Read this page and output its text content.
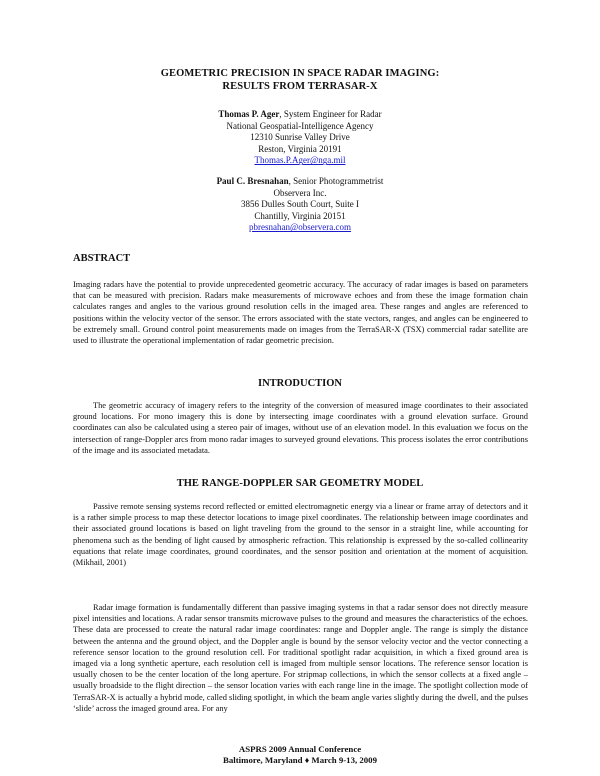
GEOMETRIC PRECISION IN SPACE RADAR IMAGING:
RESULTS FROM TERRASAR-X
Thomas P. Ager, System Engineer for Radar
National Geospatial-Intelligence Agency
12310 Sunrise Valley Drive
Reston, Virginia 20191
Thomas.P.Ager@nga.mil
Paul C. Bresnahan, Senior Photogrammetrist
Observera Inc.
3856 Dulles South Court, Suite I
Chantilly, Virginia 20151
pbresnahan@observera.com
ABSTRACT

Imaging radars have the potential to provide unprecedented geometric accuracy. The accuracy of radar images is based on parameters that can be measured with precision. Radars make measurements of microwave echoes and from these the image formation chain calculates ranges and angles to the various ground resolution cells in the imaged area. These ranges and angles are referenced to positions within the velocity vector of the sensor. The errors associated with the state vectors, ranges, and angles can be engineered to be extremely small. Ground control point measurements made on images from the TerraSAR-X (TSX) commercial radar satellite are used to illustrate the operational implementation of radar geometric precision.

INTRODUCTION

The geometric accuracy of imagery refers to the integrity of the conversion of measured image coordinates to their associated ground locations. For mono imagery this is done by intersecting image coordinates with a ground elevation surface. Ground coordinates can also be calculated using a stereo pair of images, without use of an elevation model. In this evaluation we focus on the intersection of range-Doppler arcs from mono radar images to surveyed ground elevations. This process isolates the error contributions of the image and its associated metadata.

THE RANGE-DOPPLER SAR GEOMETRY MODEL

Passive remote sensing systems record reflected or emitted electromagnetic energy via a linear or frame array of detectors and it is a rather simple process to map these detector locations to image pixel coordinates. The relationship between image coordinates and their associated ground locations is based on light traveling from the ground to the sensor in a straight line, while accounting for phenomena such as the bending of light caused by atmospheric refraction. This relationship is expressed by the so-called collinearity equations that relate image coordinates, ground coordinates, and the sensor position and orientation at the moment of acquisition. (Mikhail, 2001)

Radar image formation is fundamentally different than passive imaging systems in that a radar sensor does not directly measure pixel intensities and locations. A radar sensor transmits microwave pulses to the ground and measures the characteristics of the echoes. These data are processed to create the natural radar image coordinates: range and Doppler angle. The range is simply the distance between the antenna and the ground object, and the Doppler angle is bound by the sensor velocity vector and the vector connecting a reference sensor location to the ground resolution cell. For traditional spotlight radar acquisition, in which a fixed ground area is imaged via a long synthetic aperture, each resolution cell is imaged from multiple sensor locations. The reference sensor location is usually chosen to be the center location of the long aperture. For stripmap collections, in which the sensor collects at a fixed angle – usually broadside to the flight direction – the sensor location varies with each range line in the image. The spotlight collection mode of TerraSAR-X is actually a hybrid mode, called sliding spotlight, in which the beam angle varies slightly during the dwell, and the pulses ‘slide’ across the imaged ground area. For any

ASPRS 2009 Annual Conference
Baltimore, Maryland ♦ March 9-13, 2009
